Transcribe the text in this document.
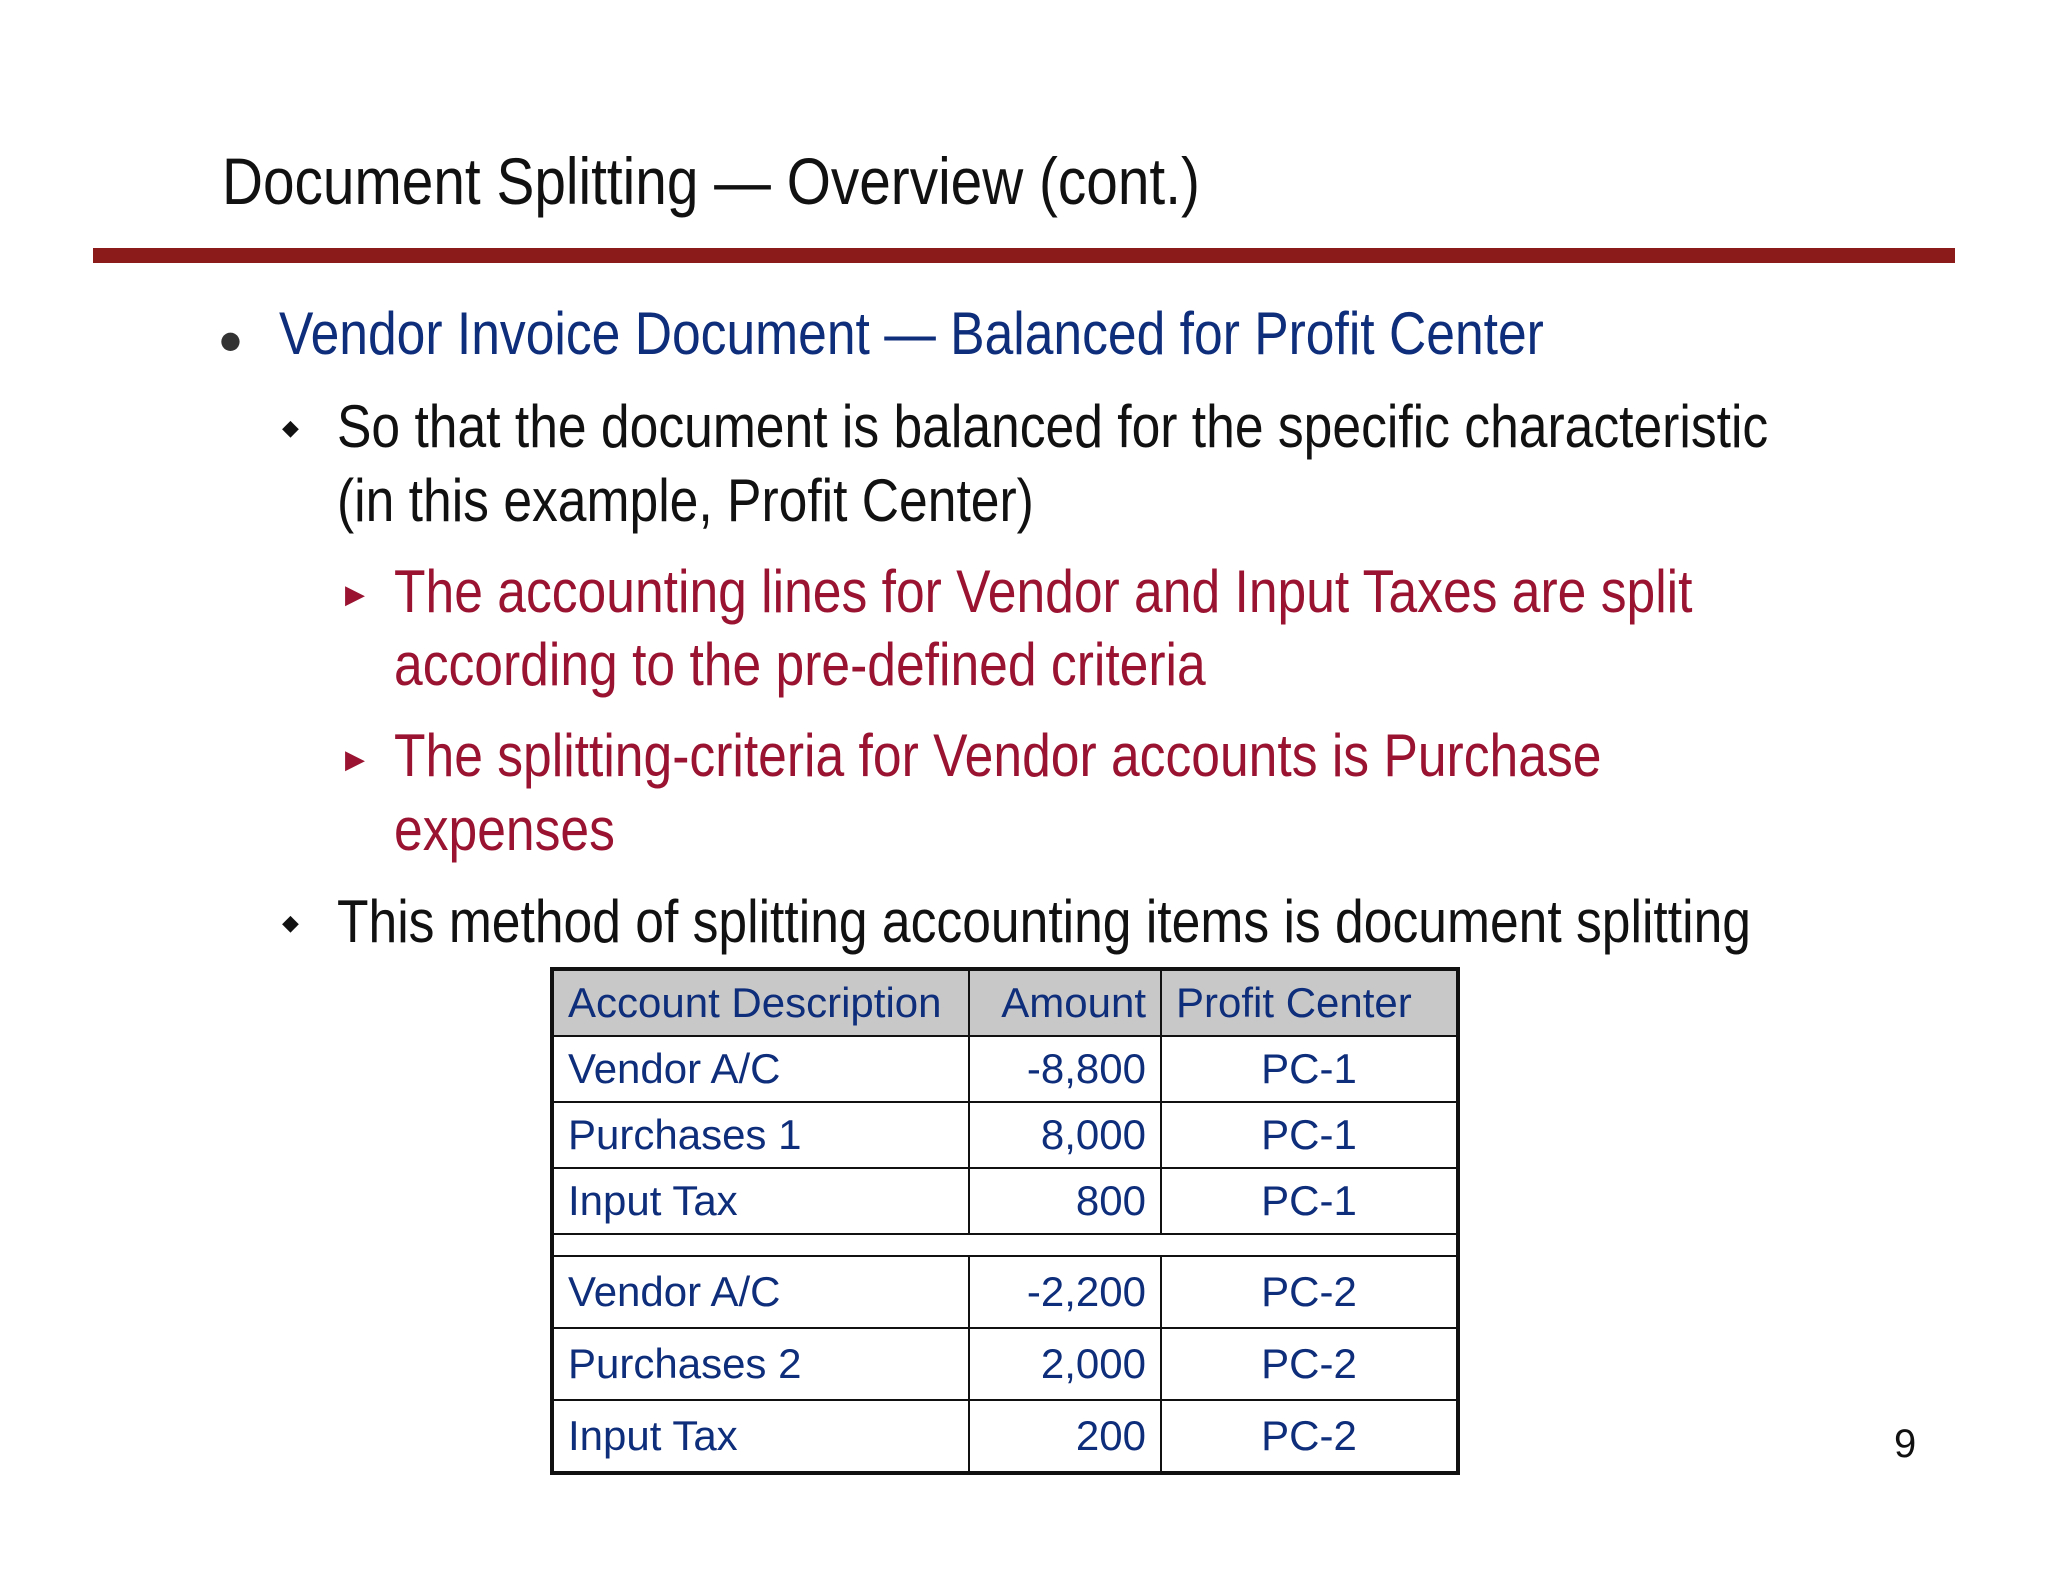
Document Splitting — Overview (cont.)
● Vendor Invoice Document — Balanced for Profit Center

◆ So that the document is balanced for the specific characteristic

(in this example, Profit Center)

▶ The accounting lines for Vendor and Input Taxes are split

according to the pre-defined criteria

▶ The splitting-criteria for Vendor accounts is Purchase

expenses

◆ This method of splitting accounting items is document splitting

Account Description	Amount	Profit Center
Vendor A/C	-8,800	PC-1
Purchases 1	8,000	PC-1
Input Tax	800	PC-1

Vendor A/C	-2,200	PC-2
Purchases 2	2,000	PC-2
Input Tax	200	PC-2	9
